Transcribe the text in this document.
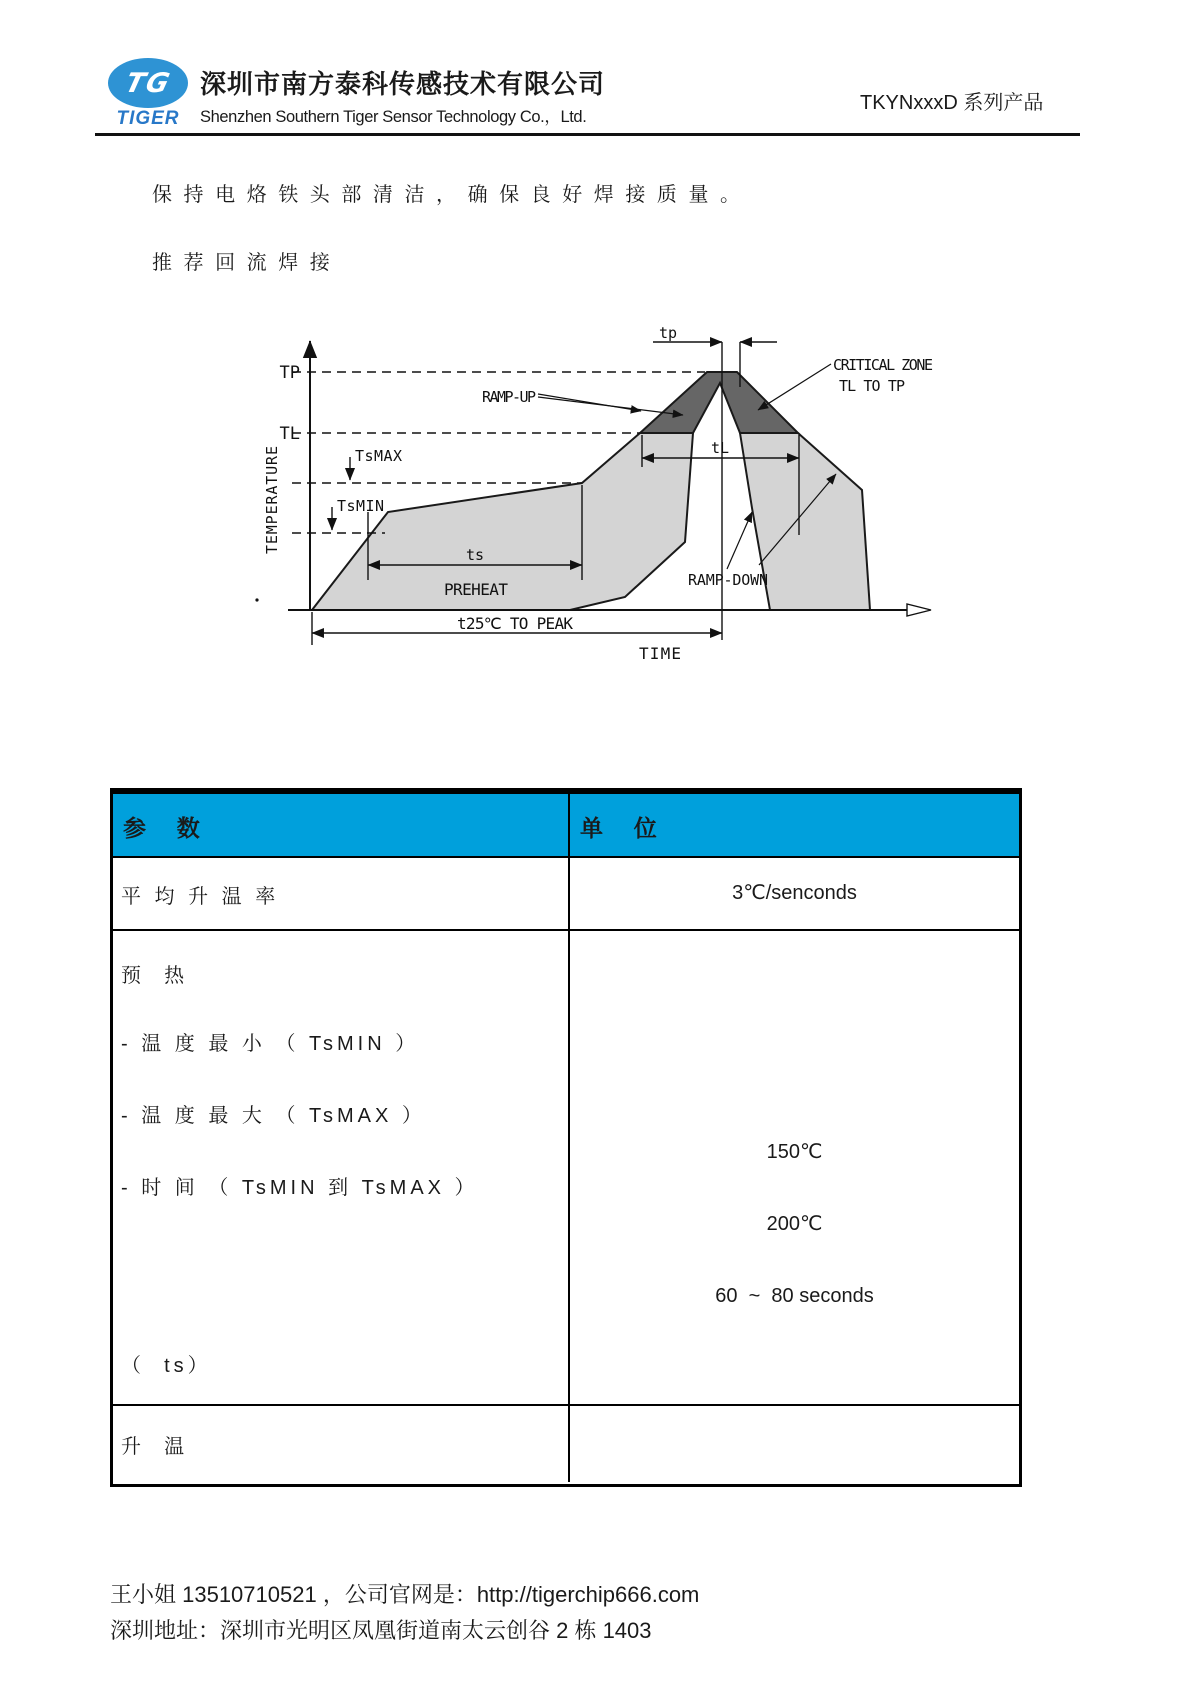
TG
TIGER
深圳市南方泰科传感技术有限公司
Shenzhen Southern Tiger Sensor Technology Co.，Ltd.
TKYNxxxD 系列产品
保 持 电 烙 铁 头 部 清 洁 ， 确 保 良 好 焊 接 质 量 。
推 荐 回 流 焊 接
TP
TL
TEMPERATURE
TIME
TsMAX
TsMIN
ts
PREHEAT
t25℃ TO PEAK
tp
tL
RAMP-UP
CRITICAL ZONE
TL TO TP
RAMP-DOWN
参  数	单  位
平 均 升 温 率	3℃/senconds
预  热
- 温 度 最 小 （ TsMIN ）
- 温 度 最 大 （ TsMAX ）
- 时 间 （ TsMIN 到 TsMAX ）
（  ts）
150℃
200℃
60  ~  80 seconds
升  温
王小姐 13510710521 ，公司官网是：http://tigerchip666.com
深圳地址：深圳市光明区凤凰街道南太云创谷 2 栋 1403
